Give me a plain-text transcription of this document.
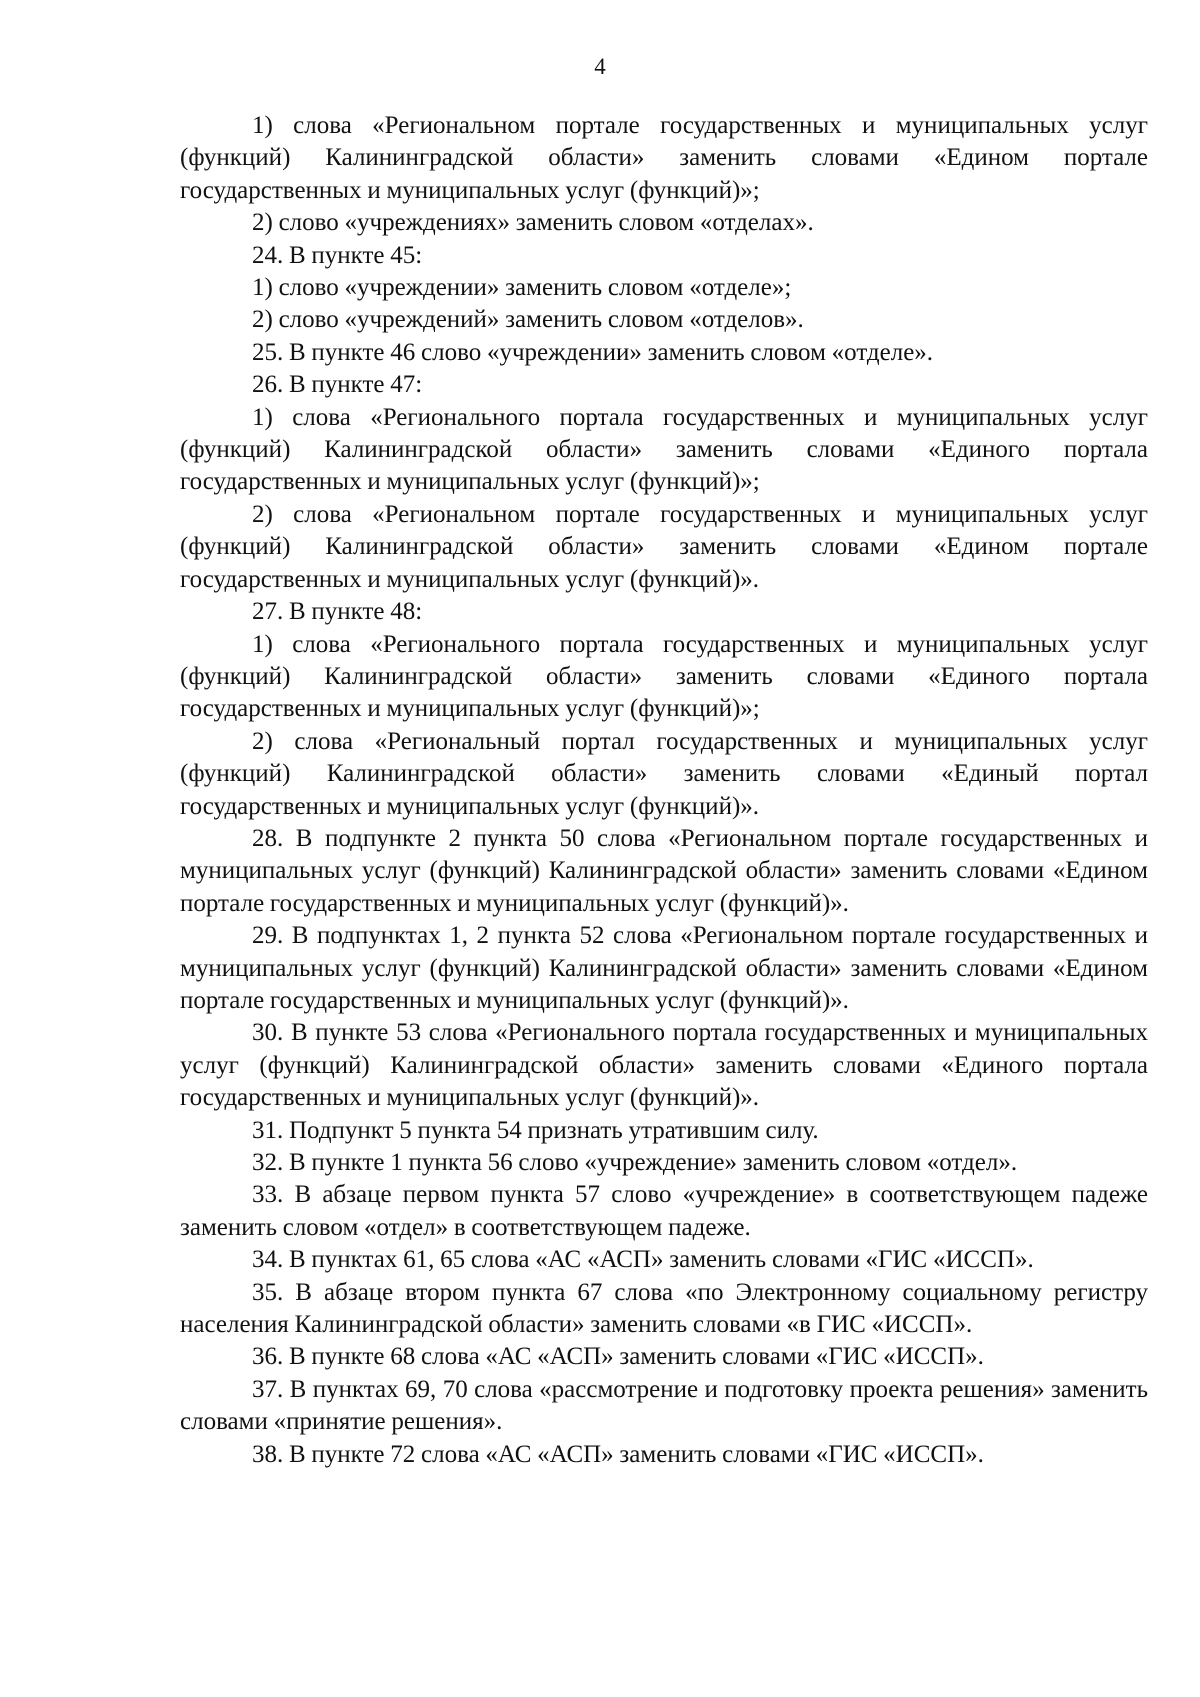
4

1) слова «Региональном портале государственных и муниципальных услуг (функций) Калининградской области» заменить словами «Едином портале государственных и муниципальных услуг (функций)»;

2) слово «учреждениях» заменить словом «отделах».

24. В пункте 45:

1) слово «учреждении» заменить словом «отделе»;

2) слово «учреждений» заменить словом «отделов».

25. В пункте 46 слово «учреждении» заменить словом «отделе».

26. В пункте 47:

1) слова «Регионального портала государственных и муниципальных услуг (функций) Калининградской области» заменить словами «Единого портала государственных и муниципальных услуг (функций)»;

2) слова «Региональном портале государственных и муниципальных услуг (функций) Калининградской области» заменить словами «Едином портале государственных и муниципальных услуг (функций)».

27. В пункте 48:

1) слова «Регионального портала государственных и муниципальных услуг (функций) Калининградской области» заменить словами «Единого портала государственных и муниципальных услуг (функций)»;

2) слова «Региональный портал государственных и муниципальных услуг (функций) Калининградской области» заменить словами «Единый портал государственных и муниципальных услуг (функций)».

28. В подпункте 2 пункта 50 слова «Региональном портале государственных и муниципальных услуг (функций) Калининградской области» заменить словами «Едином портале государственных и муниципальных услуг (функций)».

29. В подпунктах 1, 2 пункта 52 слова «Региональном портале государственных и муниципальных услуг (функций) Калининградской области» заменить словами «Едином портале государственных и муниципальных услуг (функций)».

30. В пункте 53 слова «Регионального портала государственных и муниципальных услуг (функций) Калининградской области» заменить словами «Единого портала государственных и муниципальных услуг (функций)».

31. Подпункт 5 пункта 54 признать утратившим силу.

32. В пункте 1 пункта 56 слово «учреждение» заменить словом «отдел».

33. В абзаце первом пункта 57 слово «учреждение» в соответствующем падеже заменить словом «отдел» в соответствующем падеже.

34. В пунктах 61, 65 слова «АС «АСП» заменить словами «ГИС «ИССП».

35. В абзаце втором пункта 67 слова «по Электронному социальному регистру населения Калининградской области» заменить словами «в ГИС «ИССП».

36. В пункте 68 слова «АС «АСП» заменить словами «ГИС «ИССП».

37. В пунктах 69, 70 слова «рассмотрение и подготовку проекта решения» заменить словами «принятие решения».

38. В пункте 72 слова «АС «АСП» заменить словами «ГИС «ИССП».
